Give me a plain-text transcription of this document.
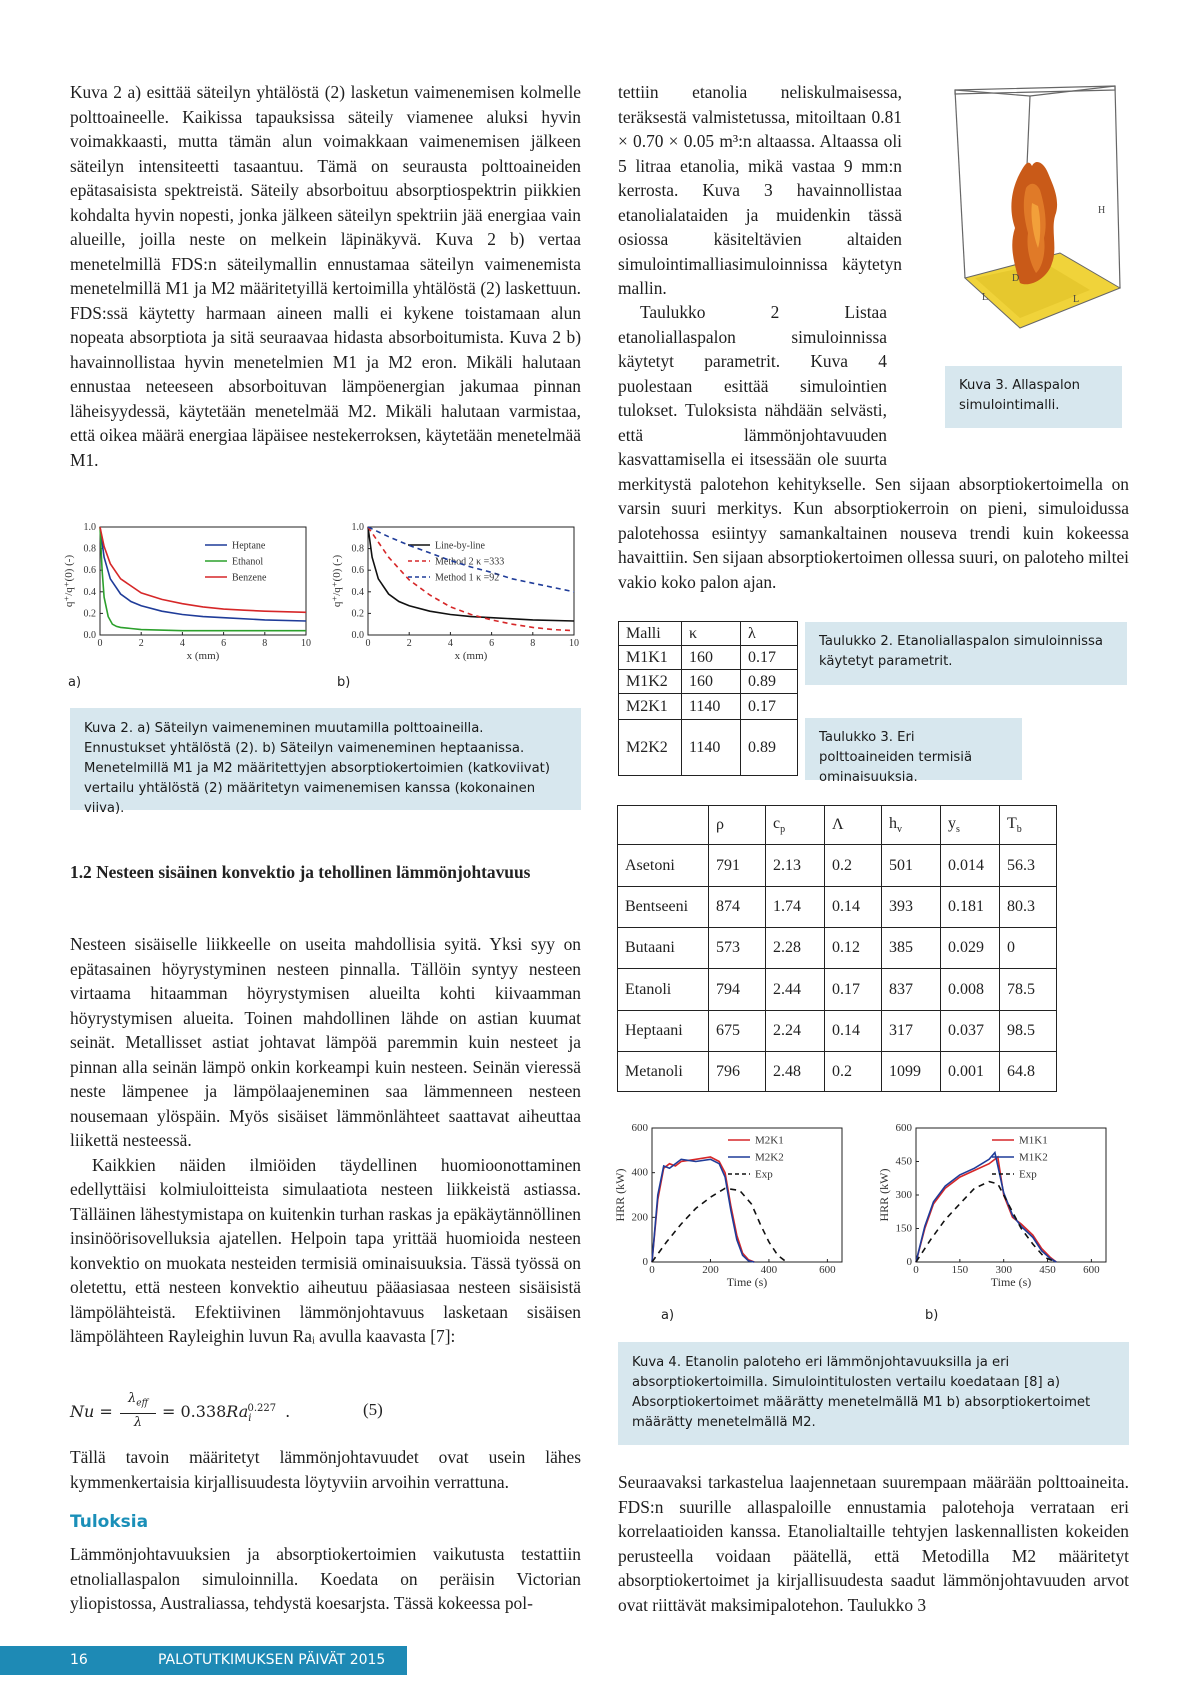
Kuva 2 a) esittää säteilyn yhtälöstä (2) lasketun vaimenemisen kolmelle polttoaineelle. Kaikissa tapauksissa säteily viamenee aluksi hyvin voimakkaasti, mutta tämän alun voimakkaan vaimenemisen jälkeen säteilyn intensiteetti tasaantuu. Tämä on seurausta polttoaineiden epätasaisista spektreistä. Säteily absorboituu absorptiospektrin piikkien kohdalta hyvin nopesti, jonka jälkeen säteilyn spektriin jää energiaa vain alueille, joilla neste on melkein läpinäkyvä. Kuva 2 b) vertaa menetelmillä FDS:n säteilymallin ennustamaa säteilyn vaimenemista menetelmillä M1 ja M2 määritetyillä kertoimilla yhtälöstä (2) laskettuun. FDS:ssä käytetty harmaan aineen malli ei kykene toistamaan alun nopeata absorptiota ja sitä seuraavaa hidasta absorboitumista. Kuva 2 b) havainnollistaa hyvin menetelmien M1 ja M2 eron. Mikäli halutaan ennustaa neteeseen absorboituvan lämpöenergian jakumaa pinnan läheisyydessä, käytetään menetelmää M2. Mikäli halutaan varmistaa, että oikea määrä energiaa läpäisee nestekerroksen, käytetään menetelmää M1.

0	2	4	6	8	10
0.0
0.2
0.4
0.6
0.8
1.0
x (mm)
q⁺/q⁺(0) (-)
Heptane
Ethanol
Benzene
0	2	4	6	8	10
0.0
0.2
0.4
0.6
0.8
1.0
x (mm)
q⁺/q⁺(0) (-)
Line-by-line
Method 2 κ =333
Method 1 κ =92
a)	b)
Kuva 2. a) Säteilyn vaimeneminen muutamilla polttoaineilla. Ennustukset yhtälöstä (2). b) Säteilyn vaimeneminen heptaanissa. Menetelmillä M1 ja M2 määritettyjen absorptiokertoimien (katkoviivat) vertailu yhtälöstä (2) määritetyn vaimenemisen kanssa (kokonainen viiva).
1.2 Nesteen sisäinen konvektio ja tehollinen lämmönjohtavuus

Nesteen sisäiselle liikkeelle on useita mahdollisia syitä. Yksi syy on epätasainen höyrystyminen nesteen pinnalla. Tällöin syntyy nesteen virtaama hitaamman höyrystymisen alueilta kohti kiivaamman höyrystymisen alueita. Toinen mahdollinen lähde on astian kuumat seinät. Metallisset astiat johtavat lämpöä paremmin kuin nesteet ja pinnan alla seinän lämpö onkin korkeampi kuin nesteen. Seinän vieressä neste lämpenee ja lämpölaajeneminen saa lämmenneen nesteen nousemaan ylöspäin. Myös sisäiset lämmönlähteet saattavat aiheuttaa liikettä nesteessä.

Kaikkien näiden ilmiöiden täydellinen huomioonottaminen edellyttäisi kolmiuloitteista simulaatiota nesteen liikkeistä astiassa. Tälläinen lähestymistapa on kuitenkin turhan raskas ja epäkäytännöllinen insinöörisovelluksia ajatellen. Helpoin tapa yrittää huomioida nesteen konvektio on muokata nesteiden termisiä ominaisuuksia. Tässä työssä on oletettu, että nesteen konvektio aiheutuu pääasiasaa nesteen sisäisistä lämpölähteistä. Efektiivinen lämmönjohtavuus lasketaan sisäisen lämpölähteen Rayleighin luvun Raᵢ avulla kaavasta [7]:

Nu =
$\lambda_{eff}$
λ
= $0.338Ra_i^{0.227}$ .	(5)

Tällä tavoin määritetyt lämmönjohtavuudet ovat usein lähes kymmenkertaisia kirjallisuudesta löytyviin arvoihin verrattuna.

Tuloksia

Lämmönjohtavuuksien ja absorptiokertoimien vaikutusta testattiin etnoliallaspalon simuloinnilla. Koedata on peräisin Victorian yliopistossa, Australiassa, tehdystä koesarjsta. Tässä kokeessa pol-

tettiin etanolia neliskulmaisessa, teräksestä valmistetussa, mitoiltaan 0.81 × 0.70 × 0.05 m³:n altaassa. Altaassa oli 5 litraa etanolia, mikä vastaa 9 mm:n kerrosta. Kuva 3 havainnollistaa etanolialataiden ja muidenkin tässä osiossa käsiteltävien altaiden simulointimalliasimuloinnissa käytetyn mallin.

H
D
L	L
Kuva 3. Allaspalon simulointimalli.

Taulukko 2 Listaa etanoliallaspalon simuloinnissa käytetyt parametrit. Kuva 4 puolestaan esittää simulointien tulokset. Tuloksista nähdään selvästi, että lämmönjohtavuuden kasvattamisella ei itsessään ole suurta merkitystä palotehon kehitykselle. Sen sijaan absorptiokertoimella on varsin suuri merkitys. Kun absorptiokerroin on pieni, simuloidussa palotehossa esiintyy samankaltainen nouseva trendi kuin kokeessa havaittiin. Sen sijaan absorptiokertoimen ollessa suuri, on paloteho miltei vakio koko palon ajan.

Malli	κ	λ
M1K1	160	0.17
M1K2	160	0.89
M2K1	1140	0.17
M2K2	1140	0.89
Taulukko 2. Etanoliallaspalon simuloinnissa käytetyt parametrit.
Taulukko 3. Eri polttoaineiden termisiä ominaisuuksia.
	ρ	$c_p$	Λ	$h_v$	$y_s$	$T_b$
Asetoni	791	2.13	0.2	501	0.014	56.3
Bentseeni	874	1.74	0.14	393	0.181	80.3
Butaani	573	2.28	0.12	385	0.029	0
Etanoli	794	2.44	0.17	837	0.008	78.5
Heptaani	675	2.24	0.14	317	0.037	98.5
Metanoli	796	2.48	0.2	1099	0.001	64.8
0	200	400	600
0
200
400
600
Time (s)
HRR (kW)
M2K1
M2K2
Exp
0	150 300 450 600
0
150
300
450
600
Time (s)
HRR (kW)
M1K1
M1K2
Exp
a)	b)
Kuva 4. Etanolin paloteho eri lämmönjohtavuuksilla ja eri absorptiokertoimilla. Simulointitulosten vertailu koedataan [8] a) Absorptiokertoimet määrätty menetelmällä M1 b) absorptiokertoimet määrätty menetelmällä M2.

Seuraavaksi tarkastelua laajennetaan suurempaan määrään polttoaineita. FDS:n suurille allaspaloille ennustamia palotehoja verrataan eri korrelaatioiden kanssa. Etanolialtaille tehtyjen laskennallisten kokeiden perusteella voidaan päätellä, että Metodilla M2 määritetyt absorptiokertoimet ja kirjallisuudesta saadut lämmönjohtavuuden arvot ovat riittävät maksimipalotehon. Taulukko 3

16	PALOTUTKIMUKSEN PÄIVÄT 2015
